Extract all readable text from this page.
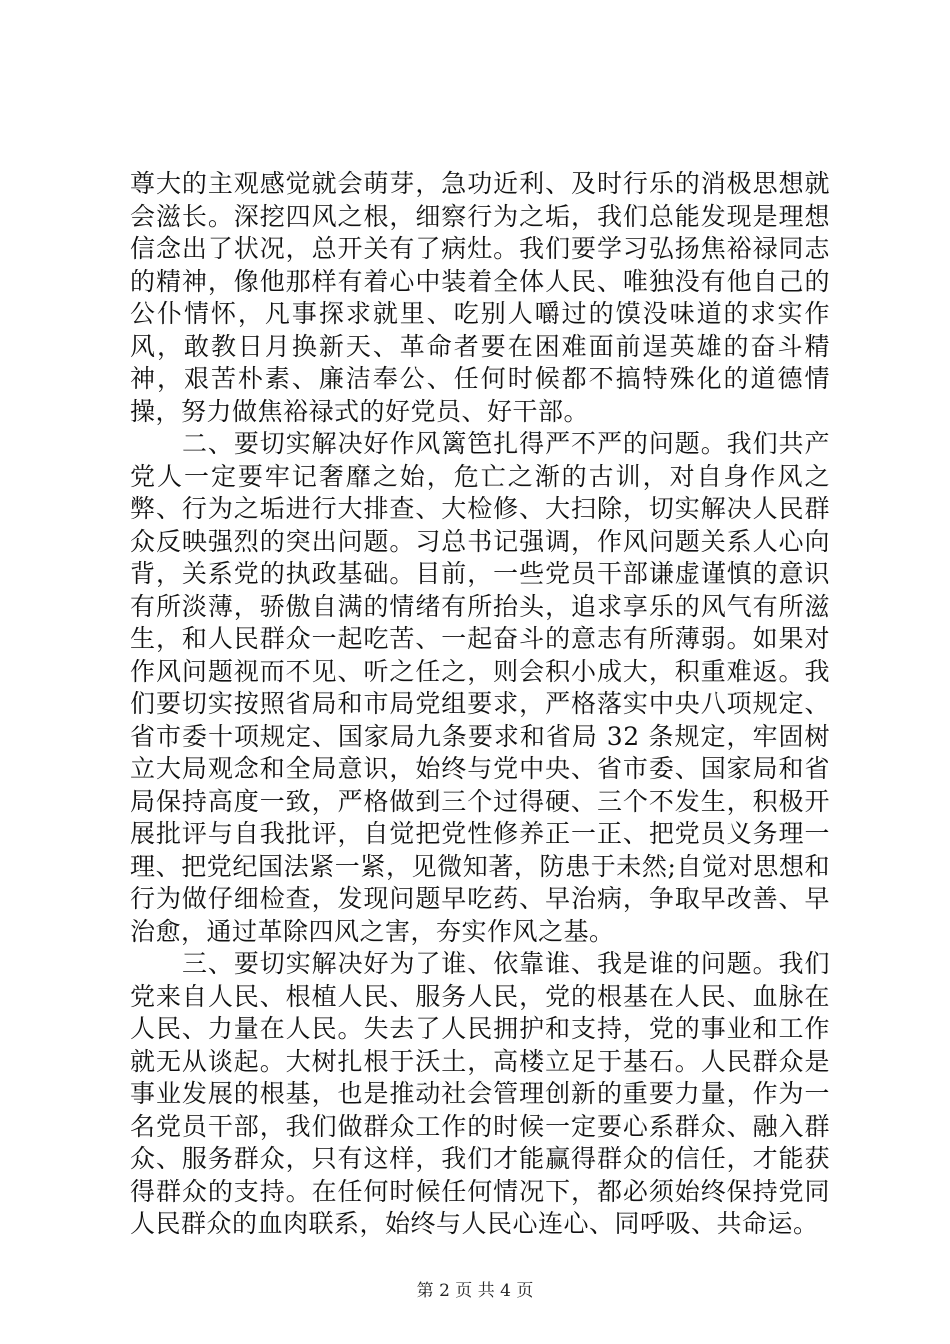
尊大的主观感觉就会萌芽，急功近利、及时行乐的消极思想就会滋长。深挖四风之根，细察行为之垢，我们总能发现是理想信念出了状况，总开关有了病灶。我们要学习弘扬焦裕禄同志的精神，像他那样有着心中装着全体人民、唯独没有他自己的公仆情怀，凡事探求就里、吃别人嚼过的馍没味道的求实作风，敢教日月换新天、革命者要在困难面前逞英雄的奋斗精神，艰苦朴素、廉洁奉公、任何时候都不搞特殊化的道德情操，努力做焦裕禄式的好党员、好干部。

二、要切实解决好作风篱笆扎得严不严的问题。我们共产党人一定要牢记奢靡之始，危亡之渐的古训，对自身作风之弊、行为之垢进行大排查、大检修、大扫除，切实解决人民群众反映强烈的突出问题。习总书记强调，作风问题关系人心向背，关系党的执政基础。目前，一些党员干部谦虚谨慎的意识有所淡薄，骄傲自满的情绪有所抬头，追求享乐的风气有所滋生，和人民群众一起吃苦、一起奋斗的意志有所薄弱。如果对作风问题视而不见、听之任之，则会积小成大，积重难返。我们要切实按照省局和市局党组要求，严格落实中央八项规定、省市委十项规定、国家局九条要求和省局 32 条规定，牢固树立大局观念和全局意识，始终与党中央、省市委、国家局和省局保持高度一致，严格做到三个过得硬、三个不发生，积极开展批评与自我批评，自觉把党性修养正一正、把党员义务理一理、把党纪国法紧一紧，见微知著，防患于未然;自觉对思想和行为做仔细检查，发现问题早吃药、早治病，争取早改善、早治愈，通过革除四风之害，夯实作风之基。

三、要切实解决好为了谁、依靠谁、我是谁的问题。我们党来自人民、根植人民、服务人民，党的根基在人民、血脉在人民、力量在人民。失去了人民拥护和支持，党的事业和工作就无从谈起。大树扎根于沃土，高楼立足于基石。人民群众是事业发展的根基，也是推动社会管理创新的重要力量，作为一名党员干部，我们做群众工作的时候一定要心系群众、融入群众、服务群众，只有这样，我们才能赢得群众的信任，才能获得群众的支持。在任何时候任何情况下，都必须始终保持党同人民群众的血肉联系，始终与人民心连心、同呼吸、共命运。

第 2 页 共 4 页
